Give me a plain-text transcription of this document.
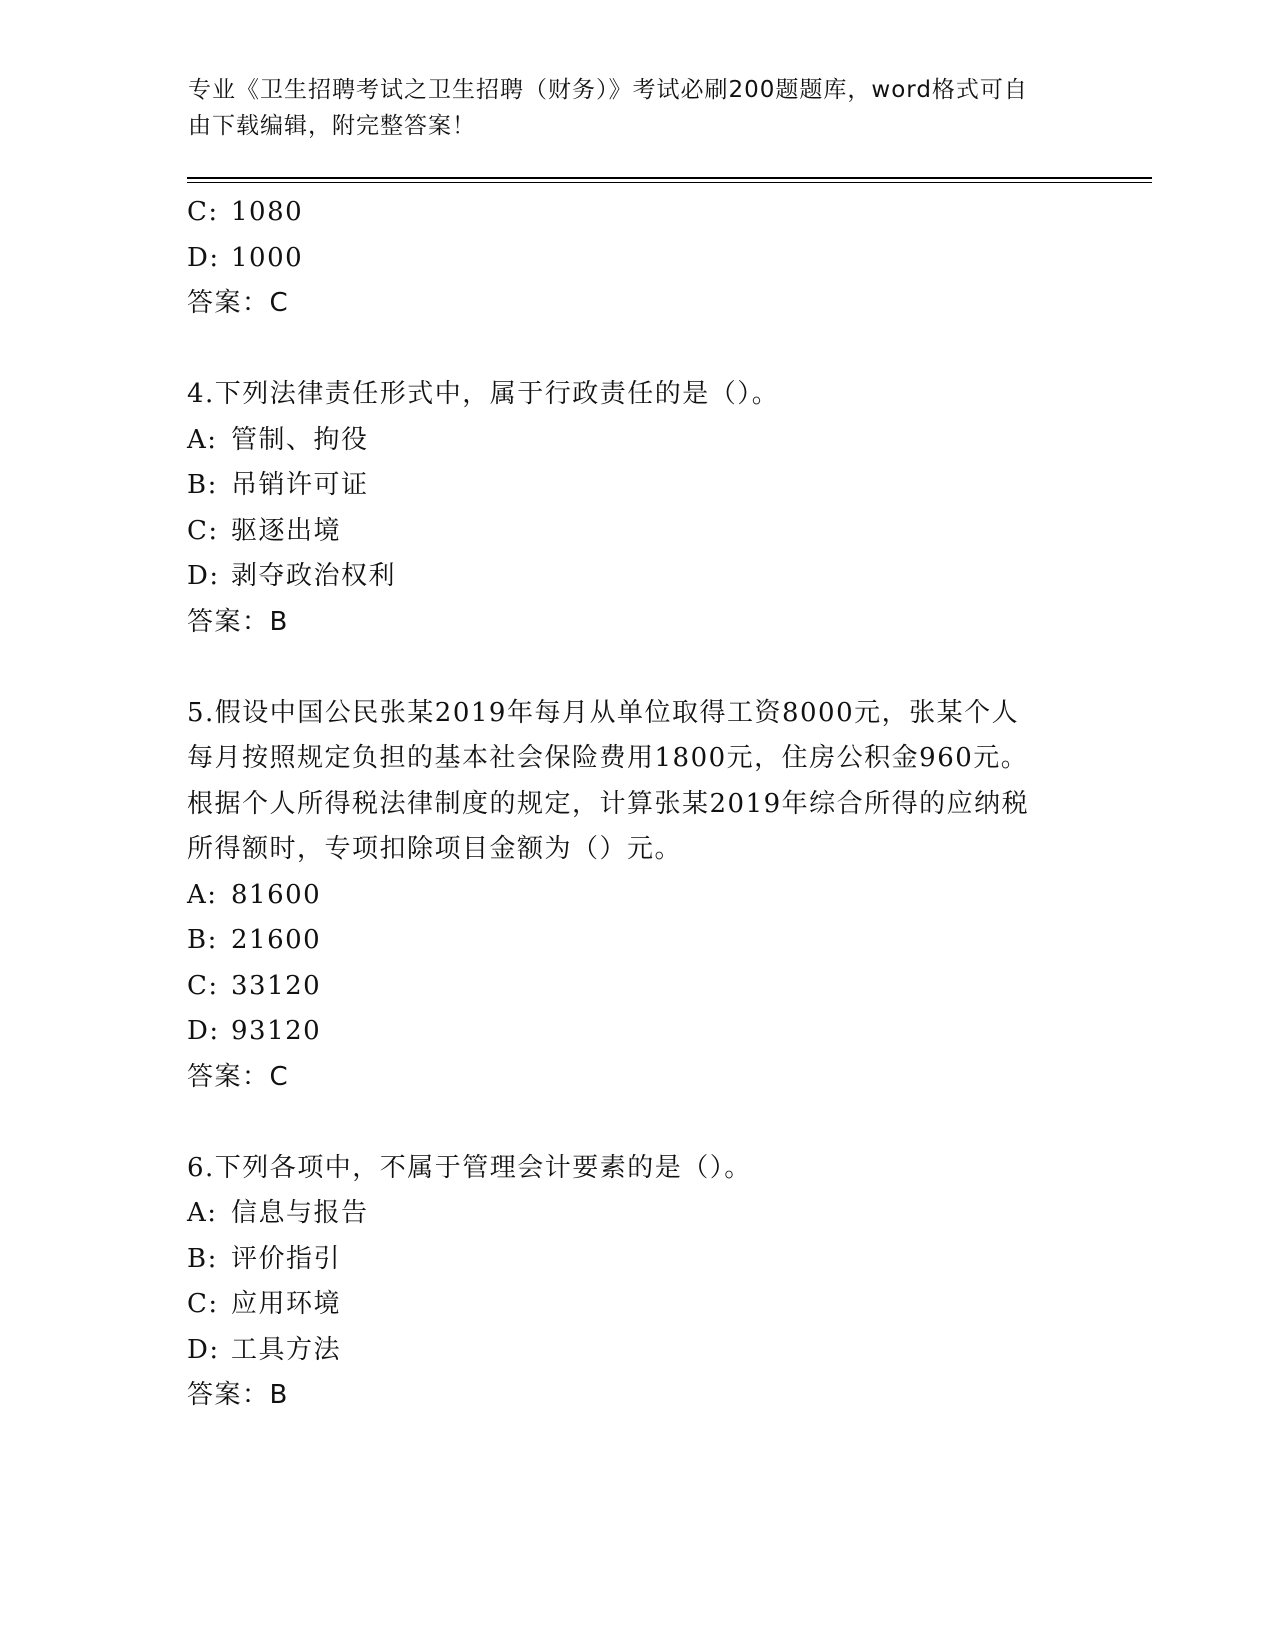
专业《卫生招聘考试之卫生招聘（财务）》考试必刷200题题库，word格式可自
由下载编辑，附完整答案！
C: 1080
D: 1000
答案：C
4.下列法律责任形式中，属于行政责任的是（）。
A: 管制、拘役
B: 吊销许可证
C: 驱逐出境
D: 剥夺政治权利
答案：B
5.假设中国公民张某2019年每月从单位取得工资8000元，张某个人
每月按照规定负担的基本社会保险费用1800元，住房公积金960元。
根据个人所得税法律制度的规定，计算张某2019年综合所得的应纳税
所得额时，专项扣除项目金额为（）元。
A: 81600
B: 21600
C: 33120
D: 93120
答案：C
6.下列各项中，不属于管理会计要素的是（）。
A: 信息与报告
B: 评价指引
C: 应用环境
D: 工具方法
答案：B
